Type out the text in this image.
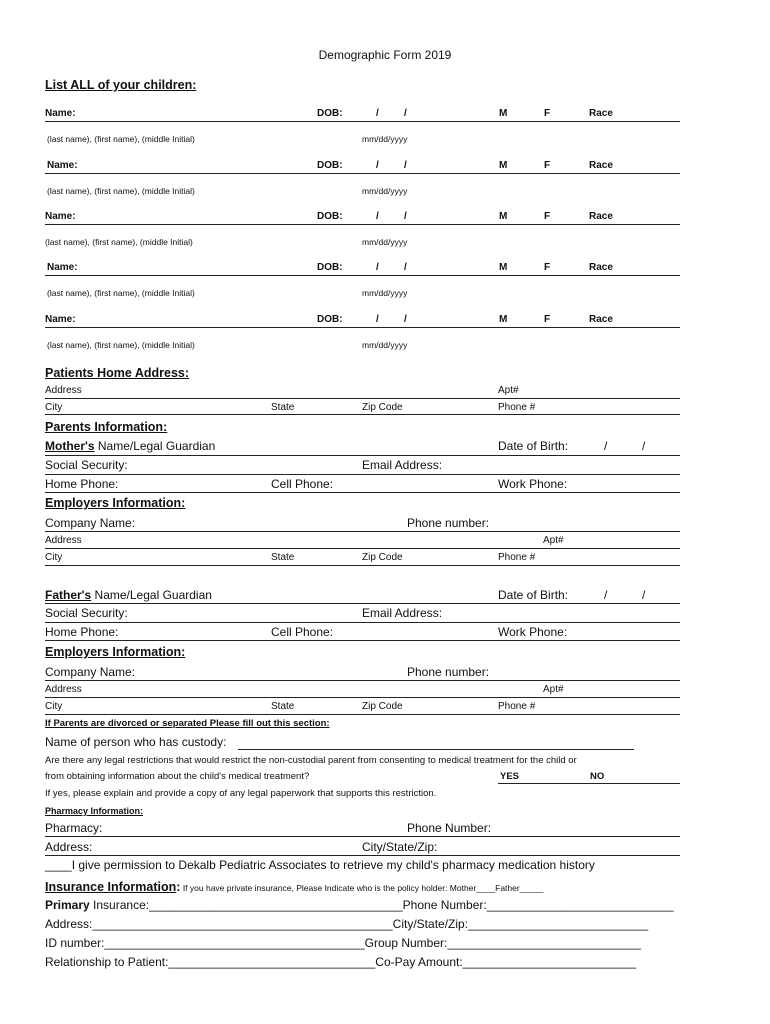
Demographic Form 2019
List ALL of your children:
Name:	DOB:	/	/	M	F	Race
(last name), (first name), (middle Initial)	mm/dd/yyyy
Name:	DOB:	/	/	M	F	Race
(last name), (first name), (middle Initial)	mm/dd/yyyy
Name:	DOB:	/	/	M	F	Race
(last name), (first name), (middle Initial)	mm/dd/yyyy
Name:	DOB:	/	/	M	F	Race
(last name), (first name), (middle Initial)	mm/dd/yyyy
Name:	DOB:	/	/	M	F	Race
(last name), (first name), (middle Initial)	mm/dd/yyyy
Patients Home Address:
Address	Apt#
City	State	Zip Code	Phone #
Parents Information:
Mother's Name/Legal Guardian	Date of Birth:	/	/
Social Security:	Email Address:
Home Phone:	Cell Phone:	Work Phone:
Employers Information:
Company Name:	Phone number:
Address	Apt#
City	State	Zip Code	Phone #
Father's Name/Legal Guardian	Date of Birth:	/	/
Social Security:	Email Address:
Home Phone:	Cell Phone:	Work Phone:
Employers Information:
Company Name:	Phone number:
Address	Apt#
City	State	Zip Code	Phone #
If Parents are divorced or separated Please fill out this section:
Name of person who has custody:
Are there any legal restrictions that would restrict the non-custodial parent from consenting to medical treatment for the child or
from obtaining information about the child's medical treatment?	YES	NO
If yes, please explain and provide a copy of any legal paperwork that supports this restriction.
Pharmacy Information:
Pharmacy:	Phone Number:
Address:	City/State/Zip:
____I give permission to Dekalb Pediatric Associates to retrieve my child's pharmacy medication history
Insurance Information: If you have private insurance, Please Indicate who is the policy holder: Mother____Father_____
Primary Insurance:______________________________________Phone Number:____________________________
Address:_____________________________________________City/State/Zip:___________________________
ID number:_______________________________________Group Number:_____________________________
Relationship to Patient:_______________________________Co-Pay Amount:__________________________
